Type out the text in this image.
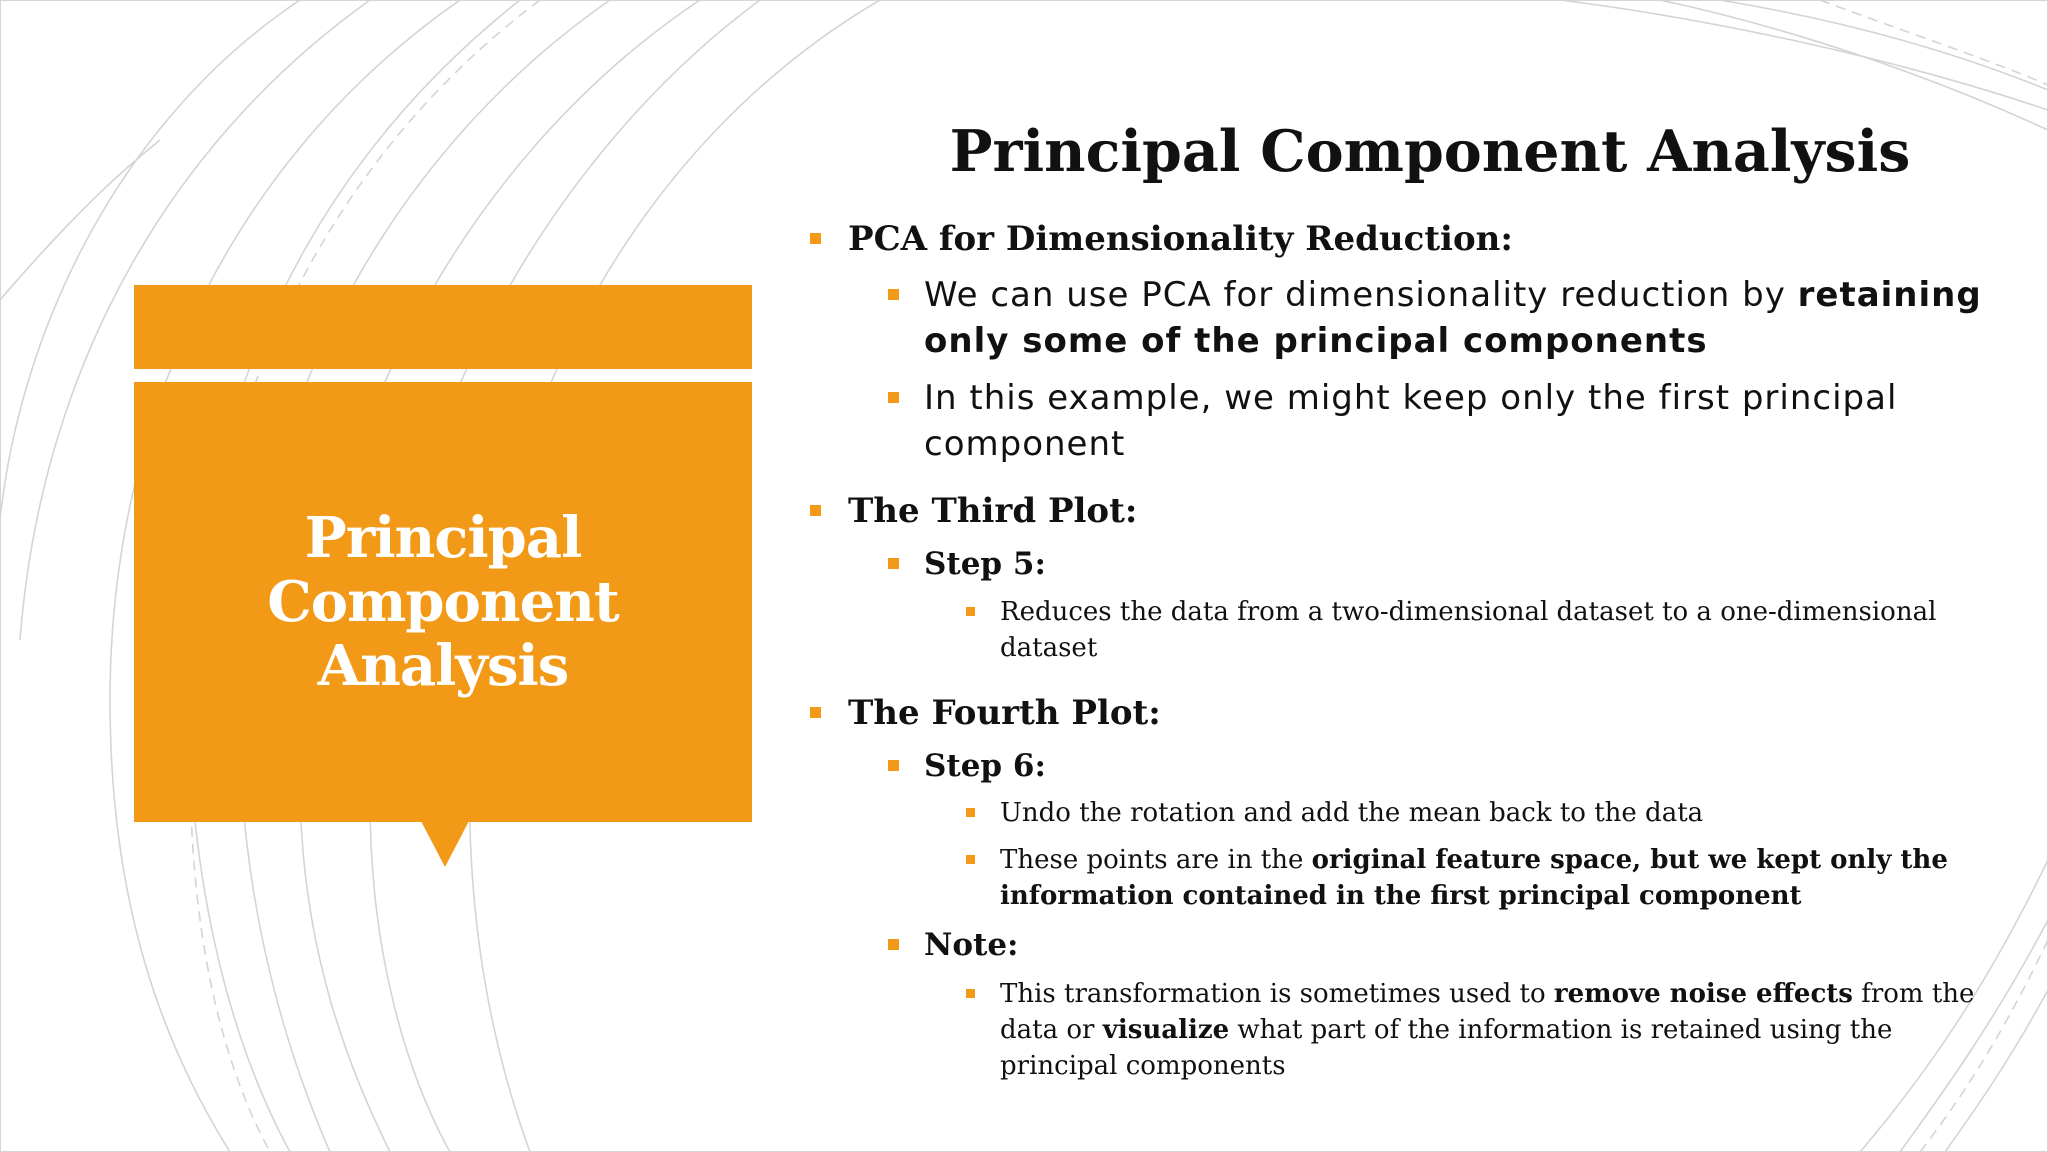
Principal
Component
Analysis
Principal Component Analysis
PCA for Dimensionality Reduction:
We can use PCA for dimensionality reduction by retaining only some of the principal components
In this example, we might keep only the first principal component
The Third Plot:
Step 5:
Reduces the data from a two-dimensional dataset to a one-dimensional dataset
The Fourth Plot:
Step 6:
Undo the rotation and add the mean back to the data
These points are in the original feature space, but we kept only the information contained in the first principal component
Note:
This transformation is sometimes used to remove noise effects from the data or visualize what part of the information is retained using the principal components
